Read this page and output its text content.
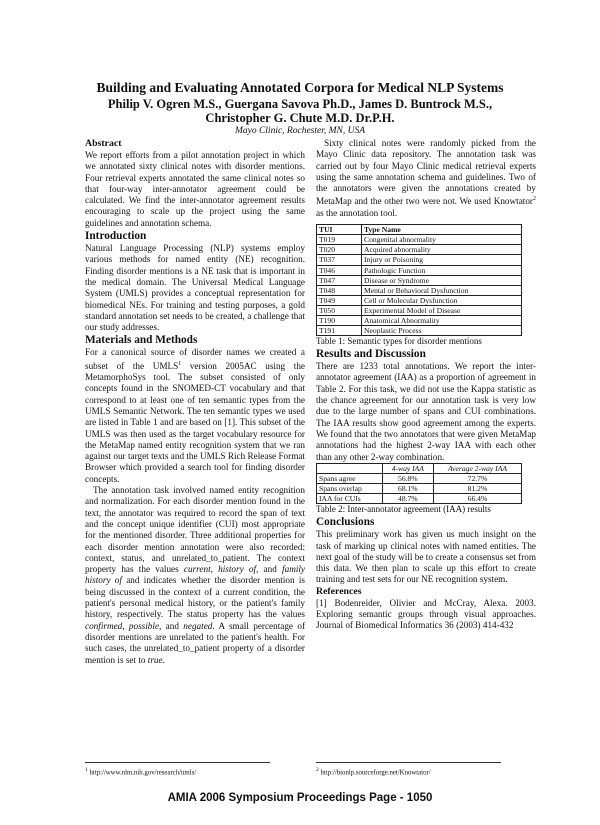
Building and Evaluating Annotated Corpora for Medical NLP Systems
Philip V. Ogren M.S., Guergana Savova Ph.D., James D. Buntrock M.S., Christopher G. Chute M.D. Dr.P.H.
Mayo Clinic, Rochester, MN, USA
Abstract

We report efforts from a pilot annotation project in which we annotated sixty clinical notes with disorder mentions. Four retrieval experts annotated the same clinical notes so that four-way inter-annotator agreement could be calculated. We find the inter-annotator agreement results encouraging to scale up the project using the same guidelines and annotation schema.

Introduction

Natural Language Processing (NLP) systems employ various methods for named entity (NE) recognition. Finding disorder mentions is a NE task that is important in the medical domain. The Universal Medical Language System (UMLS) provides a conceptual representation for biomedical NEs. For training and testing purposes, a gold standard annotation set needs to be created, a challenge that our study addresses.

Materials and Methods

For a canonical source of disorder names we created a subset of the UMLS$^1$ version 2005AC using the MetamorphoSys tool. The subset consisted of only concepts found in the SNOMED-CT vocabulary and that correspond to at least one of ten semantic types from the UMLS Semantic Network. The ten semantic types we used are listed in Table 1 and are based on [1]. This subset of the UMLS was then used as the target vocabulary resource for the MetaMap named entity recognition system that we ran against our target texts and the UMLS Rich Release Format Browser which provided a search tool for finding disorder concepts.

The annotation task involved named entity recognition and normalization. For each disorder mention found in the text, the annotator was required to record the span of text and the concept unique identifier (CUI) most appropriate for the mentioned disorder. Three additional properties for each disorder mention annotation were also recorded: context, status, and unrelated_to_patient. The context property has the values current, history of, and family history of and indicates whether the disorder mention is being discussed in the context of a current condition, the patient's personal medical history, or the patient's family history, respectively. The status property has the values confirmed, possible, and negated. A small percentage of disorder mentions are unrelated to the patient's health. For such cases, the unrelated_to_patient property of a disorder mention is set to true.

Sixty clinical notes were randomly picked from the Mayo Clinic data repository. The annotation task was carried out by four Mayo Clinic medical retrieval experts using the same annotation schema and guidelines. Two of the annotators were given the annotations created by MetaMap and the other two were not. We used Knowtator$^2$ as the annotation tool.

TUI	Type Name
T019	Congenital abnormality
T020	Acquired abnormality
T037	Injury or Poisoning
T046	Pathologic Function
T047	Disease or Syndrome
T048	Mental or Behavioral Dysfunction
T049	Cell or Molecular Dysfunction
T050	Experimental Model of Disease
T190	Anatomical Abnormality
T191	Neoplastic Process
Table 1: Semantic types for disorder mentions
Results and Discussion

There are 1233 total annotations. We report the inter-annotator agreement (IAA) as a proportion of agreement in Table 2. For this task, we did not use the Kappa statistic as the chance agreement for our annotation task is very low due to the large number of spans and CUI combinations. The IAA results show good agreement among the experts. We found that the two annotators that were given MetaMap annotations had the highest 2-way IAA with each other than any other 2-way combination.

	4-way IAA	Average 2-way IAA
Spans agree	56.8%	72.7%
Spans overlap	68.1%	81.2%
IAA for CUIs	48.7%	66.4%
Table 2: Inter-annotator agreement (IAA) results
Conclusions

This preliminary work has given us much insight on the task of marking up clinical notes with named entities. The next goal of the study will be to create a consensus set from this data. We then plan to scale up this effort to create training and test sets for our NE recognition system.

References

[1] Bodenreider, Olivier and McCray, Alexa. 2003. Exploring semantic groups through visual approaches. Journal of Biomedical Informatics 36 (2003) 414-432

$^1$ http://www.nlm.nih.gov/research/umls/	$^2$ http://bionlp.sourceforge.net/Knowtator/
AMIA 2006 Symposium Proceedings Page - 1050
